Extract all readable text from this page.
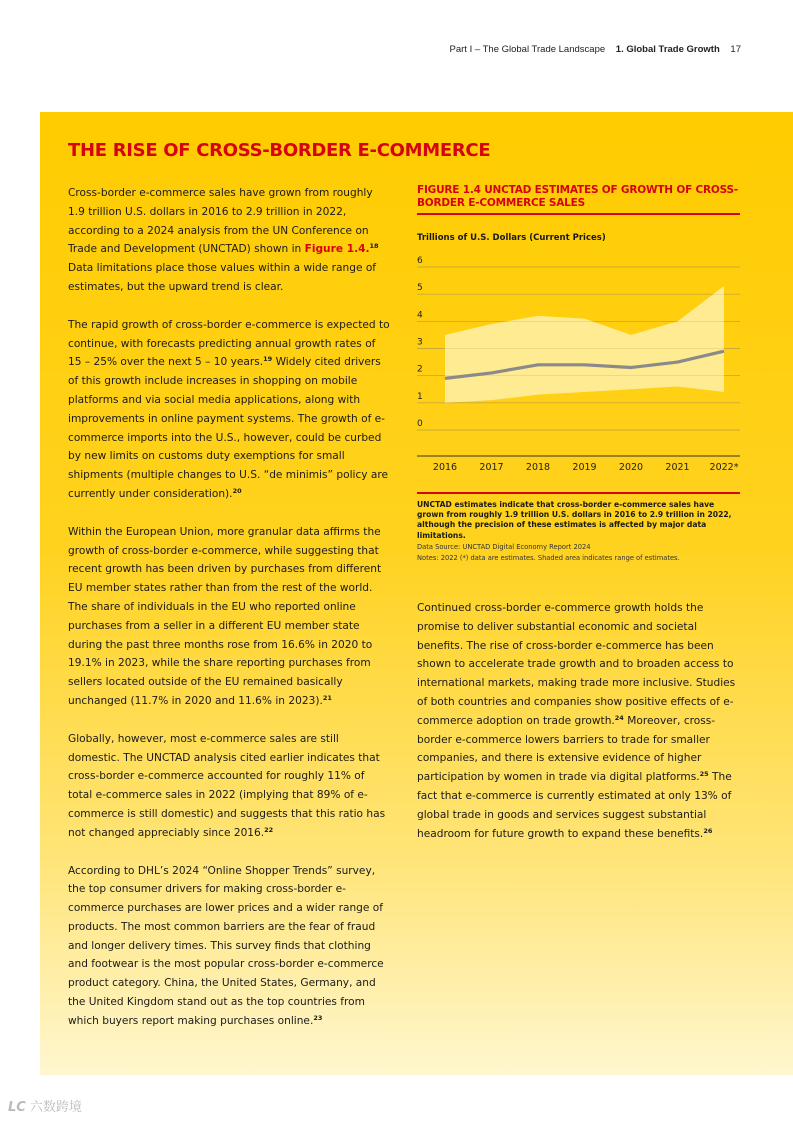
Part I – The Global Trade Landscape 1. Global Trade Growth 17
THE RISE OF CROSS-BORDER E-COMMERCE

Cross-border e-commerce sales have grown from roughly 1.9 trillion U.S. dollars in 2016 to 2.9 trillion in 2022, according to a 2024 analysis from the UN Conference on Trade and Development (UNCTAD) shown in Figure 1.4.18 Data limitations place those values within a wide range of estimates, but the upward trend is clear.

The rapid growth of cross-border e-commerce is expected to continue, with forecasts predicting annual growth rates of 15 – 25% over the next 5 – 10 years.$^{19}$ Widely cited drivers of this growth include increases in shopping on mobile platforms and via social media applications, along with improvements in online payment systems. The growth of e-commerce imports into the U.S., however, could be curbed by new limits on customs duty exemptions for small shipments (multiple changes to U.S. “de minimis” policy are currently under consideration).$^{20}$

Within the European Union, more granular data affirms the growth of cross-border e-commerce, while suggesting that recent growth has been driven by purchases from different EU member states rather than from the rest of the world. The share of individuals in the EU who reported online purchases from a seller in a different EU member state during the past three months rose from 16.6% in 2020 to 19.1% in 2023, while the share reporting purchases from sellers located outside of the EU remained basically unchanged (11.7% in 2020 and 11.6% in 2023).$^{21}$

Globally, however, most e-commerce sales are still domestic. The UNCTAD analysis cited earlier indicates that cross-border e-commerce accounted for roughly 11% of total e-commerce sales in 2022 (implying that 89% of e-commerce is still domestic) and suggests that this ratio has not changed appreciably since 2016.22

According to DHL’s 2024 “Online Shopper Trends” survey, the top consumer drivers for making cross-border e-commerce purchases are lower prices and a wider range of products. The most common barriers are the fear of fraud and longer delivery times. This survey finds that clothing and footwear is the most popular cross-border e-commerce product category. China, the United States, Germany, and the United Kingdom stand out as the top countries from which buyers report making purchases online.$^{23}$

FIGURE 1.4 UNCTAD ESTIMATES OF GROWTH OF CROSS-BORDER E-COMMERCE SALES
Trillions of U.S. Dollars (Current Prices)
0
1
2
3
4
5
6
2016 2017 2018 2019 2020 2021 2022*
UNCTAD estimates indicate that cross-border e-commerce sales have grown from roughly 1.9 trillion U.S. dollars in 2016 to 2.9 trillion in 2022, although the precision of these estimates is affected by major data limitations.
Data Source: UNCTAD Digital Economy Report 2024
Notes: 2022 (*) data are estimates. Shaded area indicates range of estimates.

Continued cross-border e-commerce growth holds the promise to deliver substantial economic and societal benefits. The rise of cross-border e-commerce has been shown to accelerate trade growth and to broaden access to international markets, making trade more inclusive. Studies of both countries and companies show positive effects of e-commerce adoption on trade growth.$^{24}$ Moreover, cross-border e-commerce lowers barriers to trade for smaller companies, and there is extensive evidence of higher participation by women in trade via digital platforms.$^{25}$ The fact that e-commerce is currently estimated at only 13% of global trade in goods and services suggest substantial headroom for future growth to expand these benefits.$^{26}$

LC 六数跨境
